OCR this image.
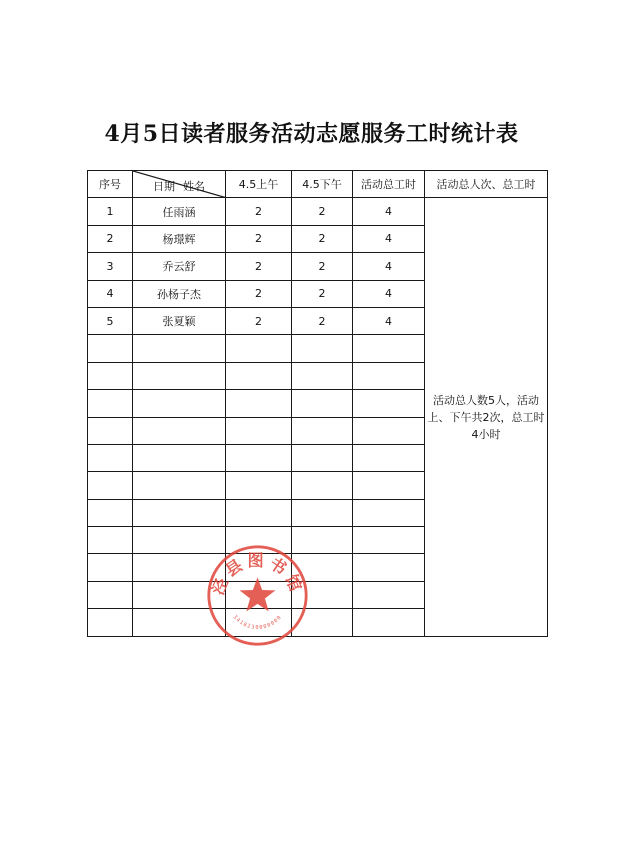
4月5日读者服务活动志愿服务工时统计表
序号	日期 姓名	4.5上午	4.5下午	活动总工时	活动总人次、总工时
1	任雨涵	2	2	4	活动总人数5人，活动上、下午共2次，总工时4小时
2	杨璟辉	2	2	4	
3	乔云舒	2	2	4	
4	孙杨子杰	2	2	4	
5	张夏颖	2	2	4	

泾县图书馆
3418230000000
